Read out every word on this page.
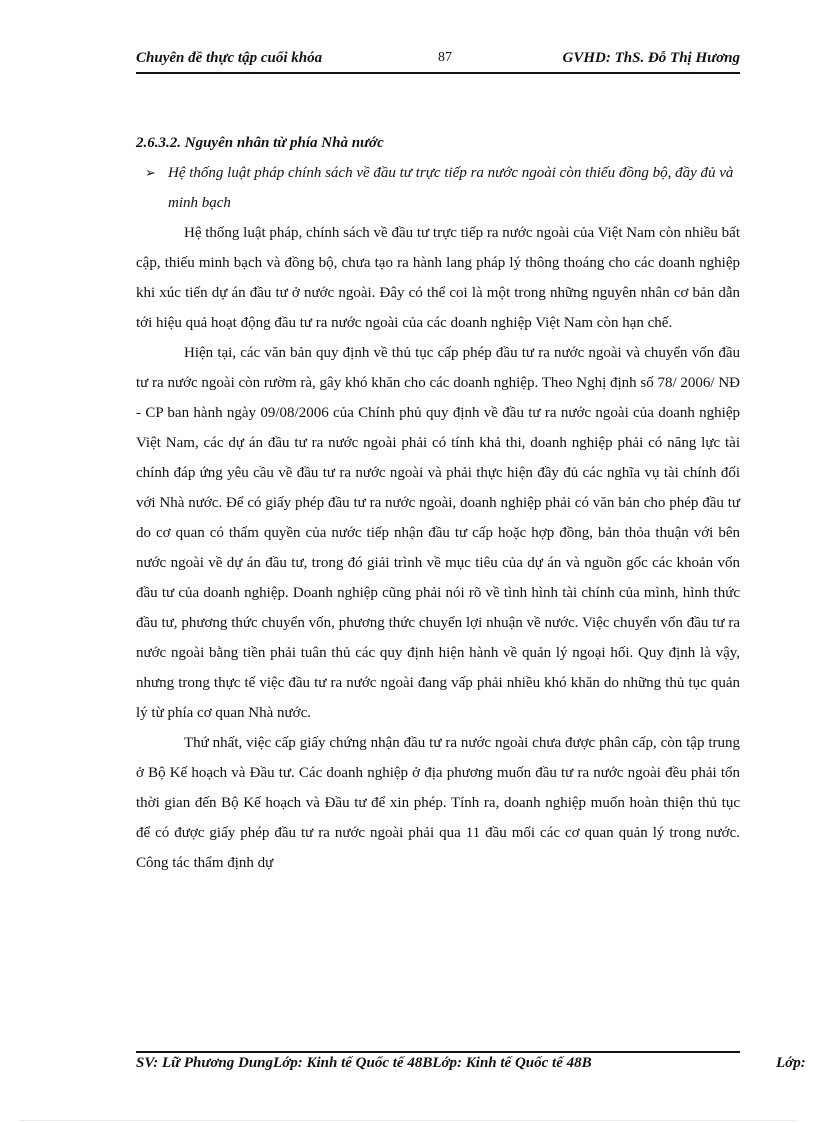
Chuyên đề thực tập cuối khóa	87	GVHD: ThS. Đỗ Thị Hương

2.6.3.2. Nguyên nhân từ phía Nhà nước

➢ Hệ thống luật pháp chính sách về đầu tư trực tiếp ra nước ngoài còn thiếu đồng bộ, đầy đủ và minh bạch

Hệ thống luật pháp, chính sách về đầu tư trực tiếp ra nước ngoài của Việt Nam còn nhiều bất cập, thiếu minh bạch và đồng bộ, chưa tạo ra hành lang pháp lý thông thoáng cho các doanh nghiệp khi xúc tiến dự án đầu tư ở nước ngoài. Đây có thể coi là một trong những nguyên nhân cơ bản dẫn tới hiệu quả hoạt động đầu tư ra nước ngoài của các doanh nghiệp Việt Nam còn hạn chế.

Hiện tại, các văn bản quy định về thủ tục cấp phép đầu tư ra nước ngoài và chuyển vốn đầu tư ra nước ngoài còn rườm rà, gây khó khăn cho các doanh nghiệp. Theo Nghị định số 78/ 2006/ NĐ - CP ban hành ngày 09/08/2006 của Chính phủ quy định về đầu tư ra nước ngoài của doanh nghiệp Việt Nam, các dự án đầu tư ra nước ngoài phải có tính khả thi, doanh nghiệp phải có năng lực tài chính đáp ứng yêu cầu về đầu tư ra nước ngoài và phải thực hiện đầy đủ các nghĩa vụ tài chính đối với Nhà nước. Để có giấy phép đầu tư ra nước ngoài, doanh nghiệp phải có văn bản cho phép đầu tư do cơ quan có thẩm quyền của nước tiếp nhận đầu tư cấp hoặc hợp đồng, bản thỏa thuận với bên nước ngoài về dự án đầu tư, trong đó giải trình về mục tiêu của dự án và nguồn gốc các khoản vốn đầu tư của doanh nghiệp. Doanh nghiệp cũng phải nói rõ về tình hình tài chính của mình, hình thức đầu tư, phương thức chuyển vốn, phương thức chuyển lợi nhuận về nước. Việc chuyển vốn đầu tư ra nước ngoài bằng tiền phải tuân thủ các quy định hiện hành về quản lý ngoại hối. Quy định là vậy, nhưng trong thực tế việc đầu tư ra nước ngoài đang vấp phải nhiều khó khăn do những thủ tục quản lý từ phía cơ quan Nhà nước.

Thứ nhất, việc cấp giấy chứng nhận đầu tư ra nước ngoài chưa được phân cấp, còn tập trung ở Bộ Kế hoạch và Đầu tư. Các doanh nghiệp ở địa phương muốn đầu tư ra nước ngoài đều phải tốn thời gian đến Bộ Kế hoạch và Đầu tư để xin phép. Tính ra, doanh nghiệp muốn hoàn thiện thủ tục để có được giấy phép đầu tư ra nước ngoài phải qua 11 đầu mối các cơ quan quản lý trong nước. Công tác thẩm định dự

SV: Lữ Phương DungLớp: Kinh tế Quốc tế 48BLớp: Kinh tế Quốc tế 48B	Lớp:
